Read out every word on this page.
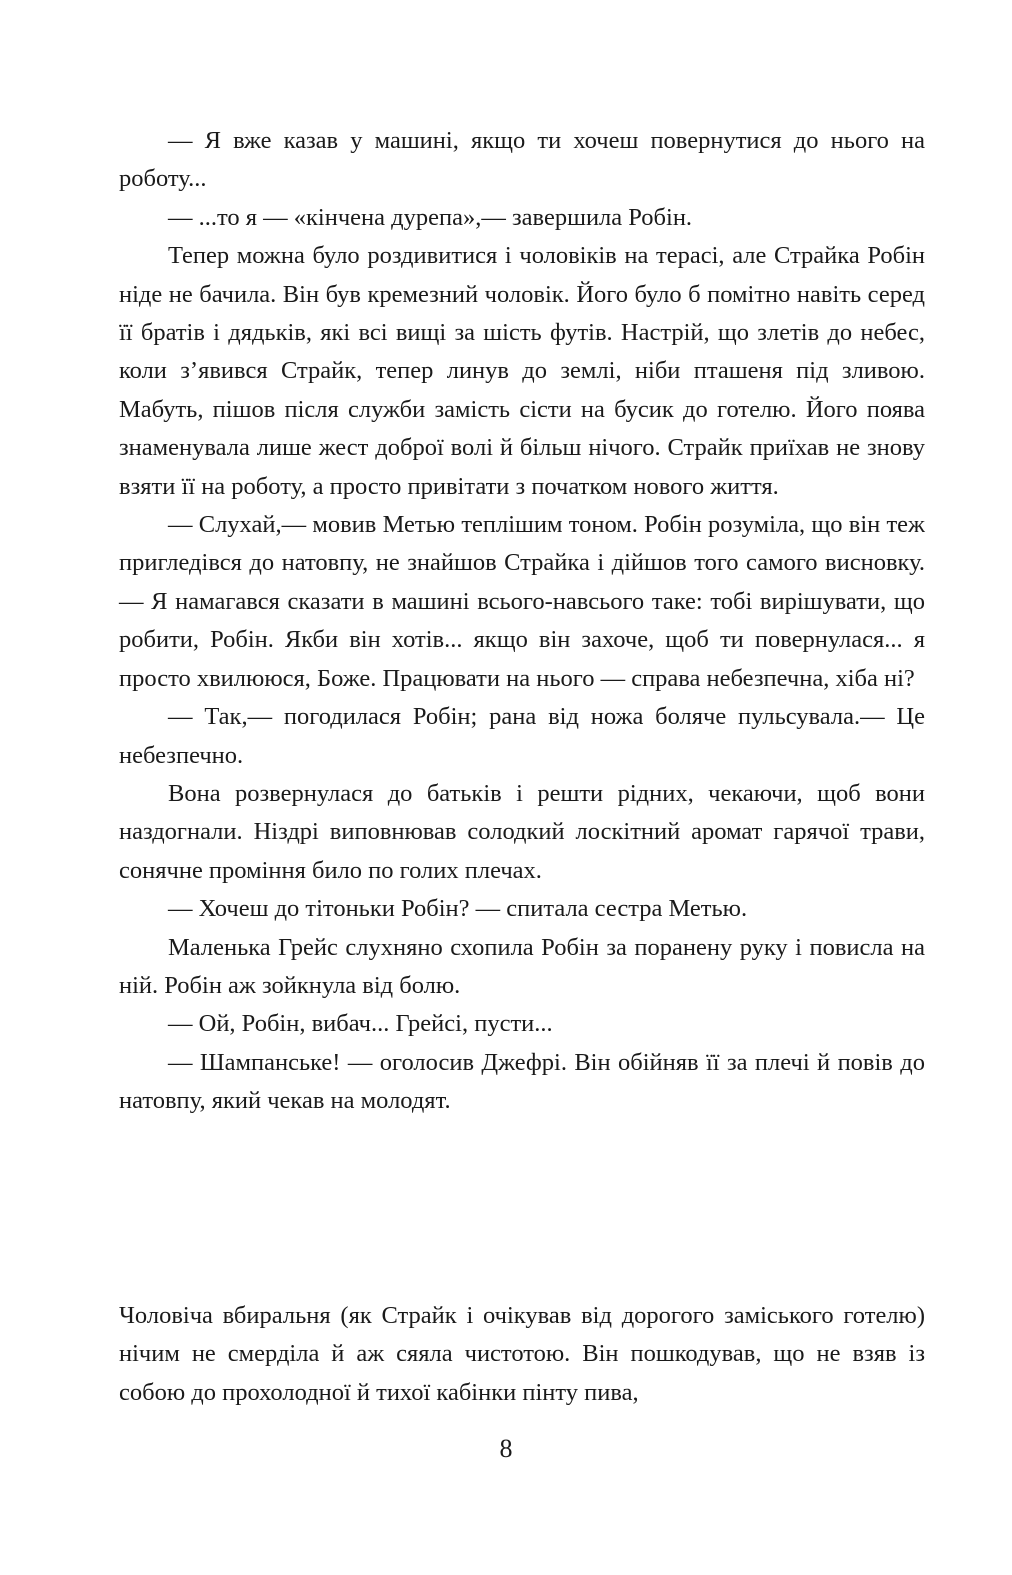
— Я вже казав у машині, якщо ти хочеш повернутися до нього на роботу...

— ...то я — «кінчена дурепа»,— завершила Робін.

Тепер можна було роздивитися і чоловіків на терасі, але Страйка Робін ніде не бачила. Він був кремезний чоловік. Його було б помітно навіть серед її братів і дядьків, які всі вищі за шість футів. Настрій, що злетів до небес, коли з’явився Страйк, тепер линув до землі, ніби пташеня під зливою. Мабуть, пішов після служби замість сісти на бусик до готелю. Його поява знаменувала лише жест доброї волі й більш нічого. Страйк приїхав не знову взяти її на роботу, а просто привітати з початком нового життя.

— Слухай,— мовив Метью теплішим тоном. Робін розуміла, що він теж пригледівся до натовпу, не знайшов Страйка і дійшов того самого висновку.— Я намагався сказати в машині всього-навсього таке: тобі вирішувати, що робити, Робін. Якби він хотів... якщо він захоче, щоб ти повернулася... я просто хвилююся, Боже. Працювати на нього — справа небезпечна, хіба ні?

— Так,— погодилася Робін; рана від ножа боляче пульсувала.— Це небезпечно.

Вона розвернулася до батьків і решти рідних, чекаючи, щоб вони наздогнали. Ніздрі виповнював солодкий лоскітний аромат гарячої трави, сонячне проміння било по голих плечах.

— Хочеш до тітоньки Робін? — спитала сестра Метью.

Маленька Грейс слухняно схопила Робін за поранену руку і повисла на ній. Робін аж зойкнула від болю.

— Ой, Робін, вибач... Грейсі, пусти...

— Шампанське! — оголосив Джефрі. Він обійняв її за плечі й повів до натовпу, який чекав на молодят.

Чоловіча вбиральня (як Страйк і очікував від дорогого заміського готелю) нічим не смерділа й аж сяяла чистотою. Він пошкодував, що не взяв із собою до прохолодної й тихої кабінки пінту пива,

8
